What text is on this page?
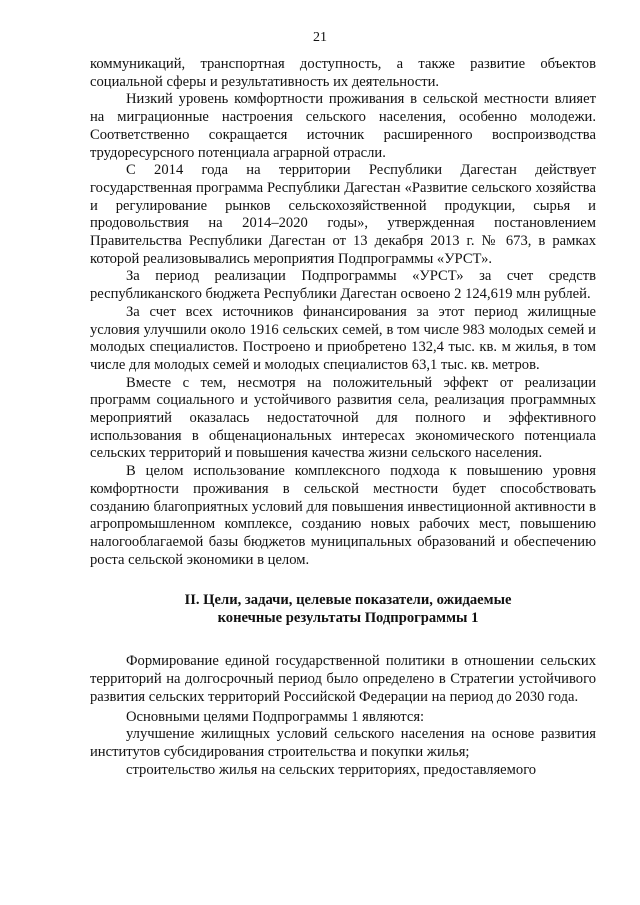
21

коммуникаций, транспортная доступность, а также развитие объектов социальной сферы и результативность их деятельности.

Низкий уровень комфортности проживания в сельской местности влияет на миграционные настроения сельского населения, особенно молодежи. Соответственно сокращается источник расширенного воспроизводства трудоресурсного потенциала аграрной отрасли.

С 2014 года на территории Республики Дагестан действует государственная программа Республики Дагестан «Развитие сельского хозяйства и регулирование рынков сельскохозяйственной продукции, сырья и продовольствия на 2014–2020 годы», утвержденная постановлением Правительства Республики Дагестан от 13 декабря 2013 г. № 673, в рамках которой реализовывались мероприятия Подпрограммы «УРСТ».

За период реализации Подпрограммы «УРСТ» за счет средств республиканского бюджета Республики Дагестан освоено 2 124,619 млн рублей.

За счет всех источников финансирования за этот период жилищные условия улучшили около 1916 сельских семей, в том числе 983 молодых семей и молодых специалистов. Построено и приобретено 132,4 тыс. кв. м жилья, в том числе для молодых семей и молодых специалистов 63,1 тыс. кв. метров.

Вместе с тем, несмотря на положительный эффект от реализации программ социального и устойчивого развития села, реализация программных мероприятий оказалась недостаточной для полного и эффективного использования в общенациональных интересах экономического потенциала сельских территорий и повышения качества жизни сельского населения.

В целом использование комплексного подхода к повышению уровня комфортности проживания в сельской местности будет способствовать созданию благоприятных условий для повышения инвестиционной активности в агропромышленном комплексе, созданию новых рабочих мест, повышению налогооблагаемой базы бюджетов муниципальных образований и обеспечению роста сельской экономики в целом.

II. Цели, задачи, целевые показатели, ожидаемые
конечные результаты Подпрограммы 1

Формирование единой государственной политики в отношении сельских территорий на долгосрочный период было определено в Стратегии устойчивого развития сельских территорий Российской Федерации на период до 2030 года.

Основными целями Подпрограммы 1 являются:

улучшение жилищных условий сельского населения на основе развития институтов субсидирования строительства и покупки жилья;

строительство жилья на сельских территориях, предоставляемого
